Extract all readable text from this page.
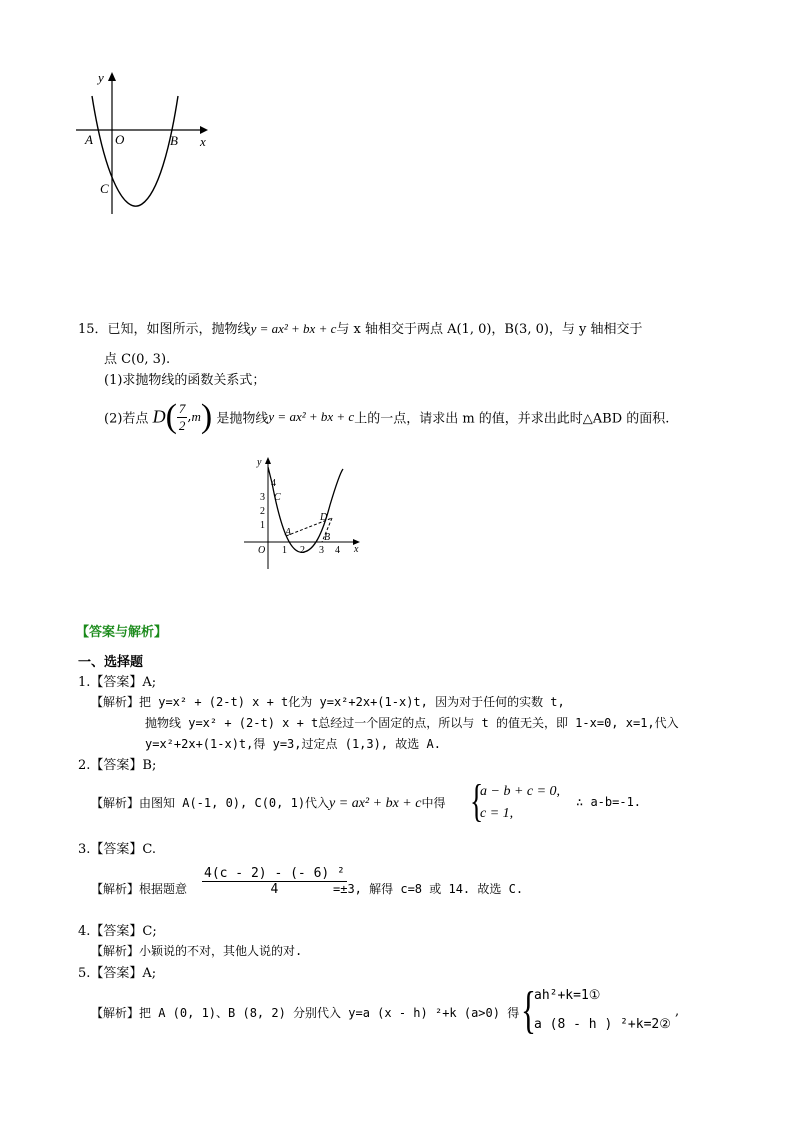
y
x
A O	B
C
15．已知，如图所示，抛物线y = ax² + bx + c与 x 轴相交于两点 A(1, 0)，B(3, 0)，与 y 轴相交于
点 C(0, 3).
(1)求抛物线的函数关系式；
(2)若点 $D( \frac{7}{2} ,m)$ 是抛物线y = ax² + bx + c上的一点，请求出 m 的值，并求出此时△ABD 的面积.
y
x
O 1 2 3 4
1
2
3
4
C
A	B
D
【答案与解析】
一、选择题
1.【答案】A;
【解析】把 y=x² + (2-t) x + t化为 y=x²+2x+(1-x)t, 因为对于任何的实数 t,
抛物线 y=x² + (2-t) x + t总经过一个固定的点，所以与 t 的值无关，即 1-x=0, x=1,代入
y=x²+2x+(1-x)t,得 y=3,过定点 (1,3), 故选 A.
2.【答案】B;
【解析】由图知 A(-1, 0), C(0, 1)代入y = ax² + bx + c中得 {
a − b + c = 0,
c = 1,
∴ a-b=-1.
3.【答案】C.
【解析】根据题意 $\frac{\text{4(c - 2) - (- 6) ²}}{4}$
=±3, 解得 c=8 或 14. 故选 C.
4.【答案】C;
【解析】小颖说的不对，其他人说的对.
5.【答案】A;
【解析】把 A (0, 1)、B (8, 2) 分别代入 y=a (x - h) ²+k (a>0) 得 {
ah²+k=1①
a (8 - h ) ²+k=2②
,
